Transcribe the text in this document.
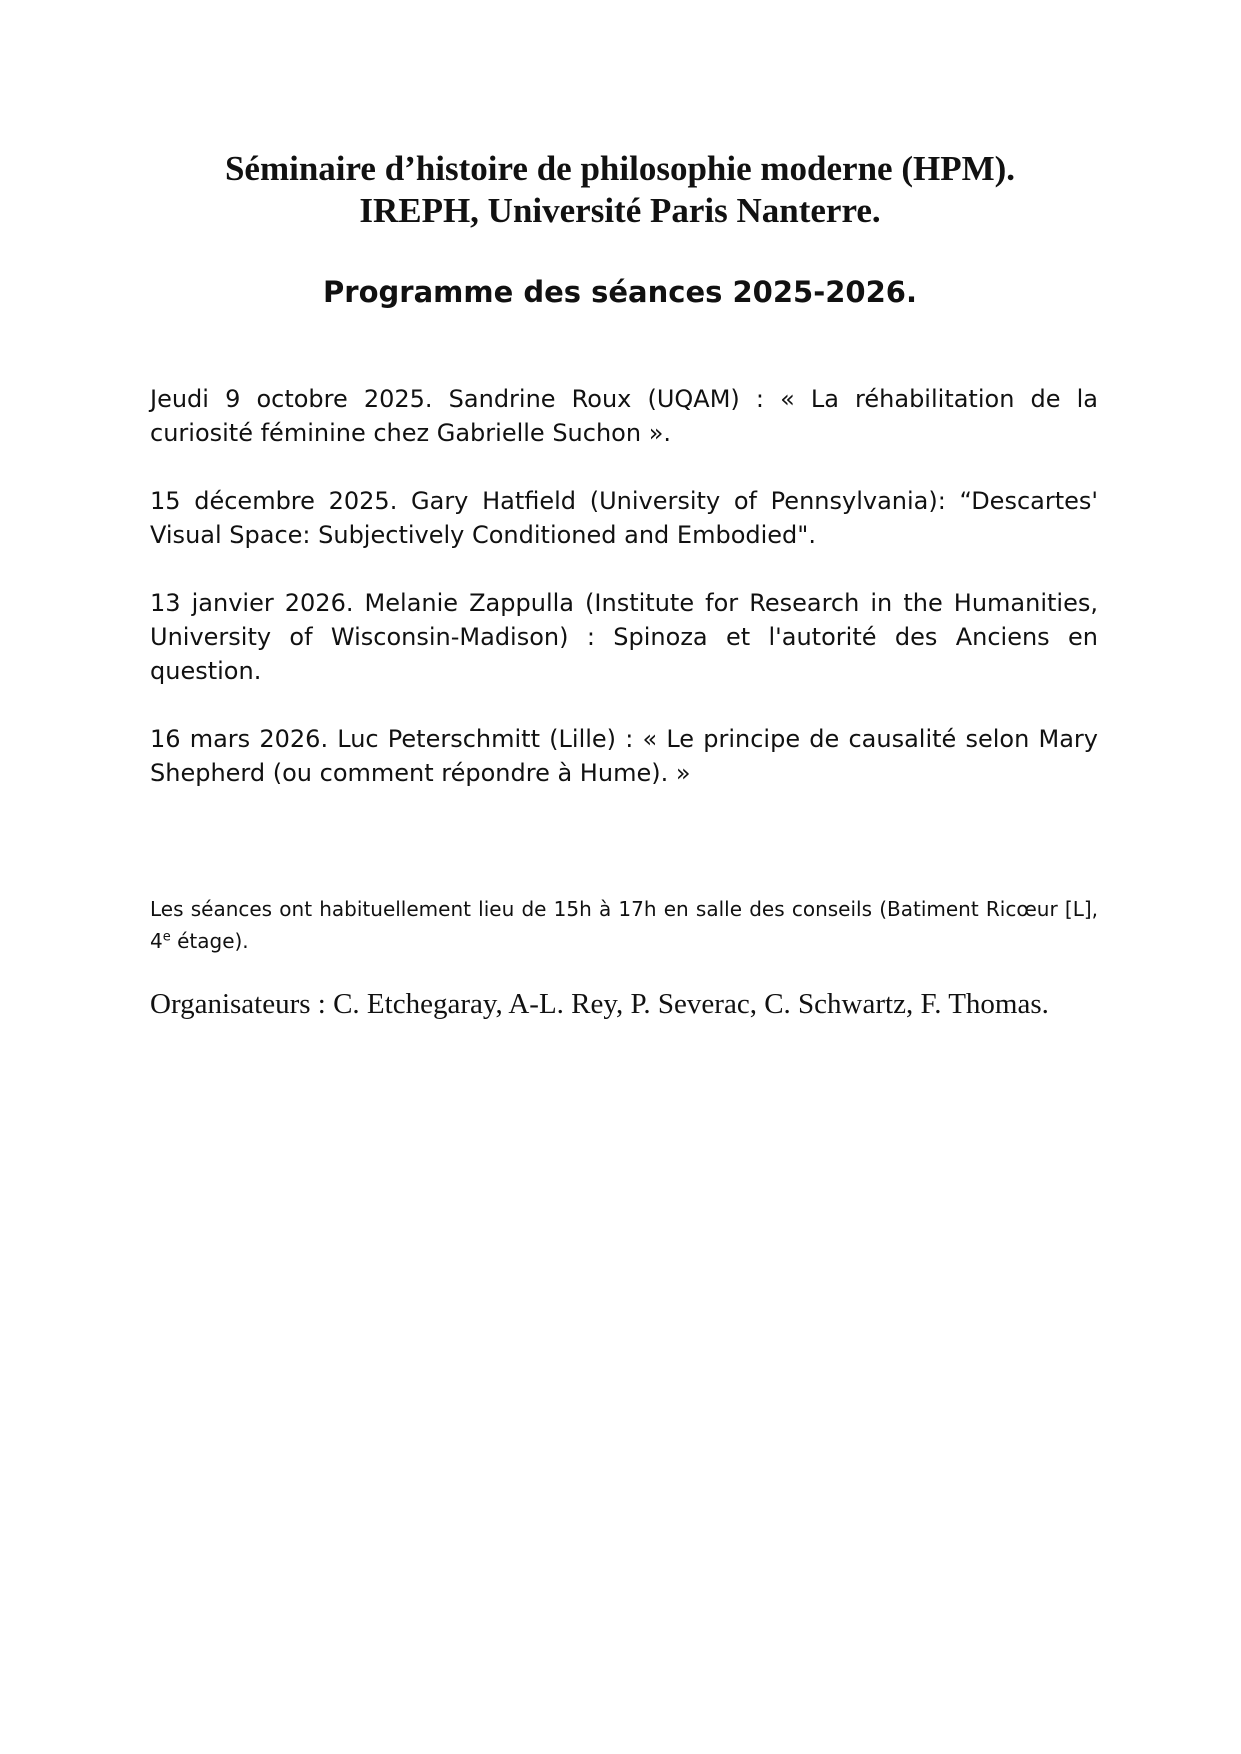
Séminaire d’histoire de philosophie moderne (HPM).
IREPH, Université Paris Nanterre.
Programme des séances 2025-2026.

Jeudi 9 octobre 2025. Sandrine Roux (UQAM) : « La réhabilitation de la curiosité féminine chez Gabrielle Suchon ».

15 décembre 2025. Gary Hatfield (University of Pennsylvania): “Descartes' Visual Space: Subjectively Conditioned and Embodied".

13 janvier 2026. Melanie Zappulla (Institute for Research in the Humanities, University of Wisconsin-Madison) : Spinoza et l'autorité des Anciens en question.

16 mars 2026. Luc Peterschmitt (Lille) : « Le principe de causalité selon Mary Shepherd (ou comment répondre à Hume). »

Les séances ont habituellement lieu de 15h à 17h en salle des conseils (Batiment Ricœur [L], 4e étage).
Organisateurs : C. Etchegaray, A-L. Rey, P. Severac, C. Schwartz, F. Thomas.
